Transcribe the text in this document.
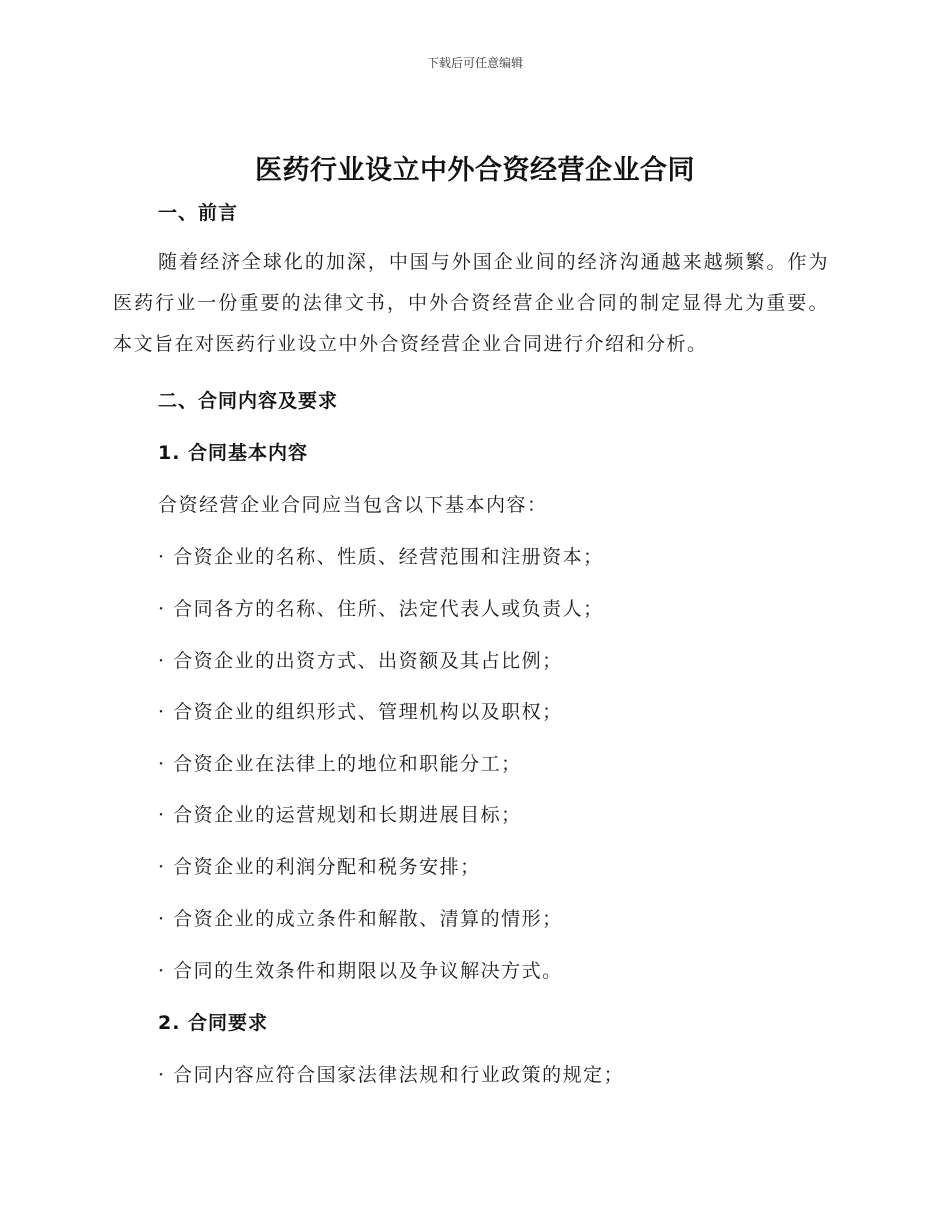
下载后可任意编辑
医药行业设立中外合资经营企业合同
一、前言
随着经济全球化的加深，中国与外国企业间的经济沟通越来越频繁。作为医药行业一份重要的法律文书，中外合资经营企业合同的制定显得尤为重要。本文旨在对医药行业设立中外合资经营企业合同进行介绍和分析。
二、合同内容及要求
1. 合同基本内容
合资经营企业合同应当包含以下基本内容：
· 合资企业的名称、性质、经营范围和注册资本；
· 合同各方的名称、住所、法定代表人或负责人；
· 合资企业的出资方式、出资额及其占比例；
· 合资企业的组织形式、管理机构以及职权；
· 合资企业在法律上的地位和职能分工；
· 合资企业的运营规划和长期进展目标；
· 合资企业的利润分配和税务安排；
· 合资企业的成立条件和解散、清算的情形；
· 合同的生效条件和期限以及争议解决方式。
2. 合同要求
· 合同内容应符合国家法律法规和行业政策的规定；
